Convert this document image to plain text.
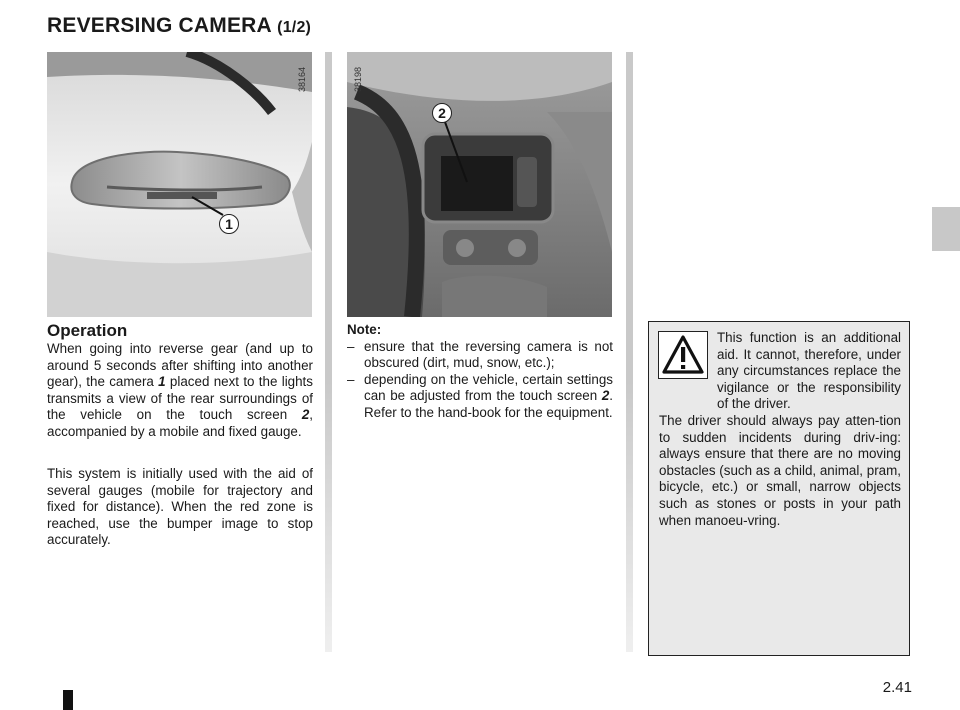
REVERSING CAMERA (1/2)
38164
1
38198
2
Operation
When going into reverse gear (and up to around 5 seconds after shifting into another gear), the camera 1 placed next to the lights transmits a view of the rear surroundings of the vehicle on the touch screen 2, accompanied by a mobile and fixed gauge.
This system is initially used with the aid of several gauges (mobile for trajectory and fixed for distance). When the red zone is reached, use the bumper image to stop accurately.
Note:
– ensure that the reversing camera is not obscured (dirt, mud, snow, etc.);
– depending on the vehicle, certain settings can be adjusted from the touch screen 2. Refer to the hand-book for the equipment.
This function is an additional aid. It cannot, therefore, under any circumstances replace the vigilance or the responsibility of the driver.
The driver should always pay atten-tion to sudden incidents during driv-ing: always ensure that there are no moving obstacles (such as a child, animal, pram, bicycle, etc.) or small, narrow objects such as stones or posts in your path when manoeu-vring.
2.41
